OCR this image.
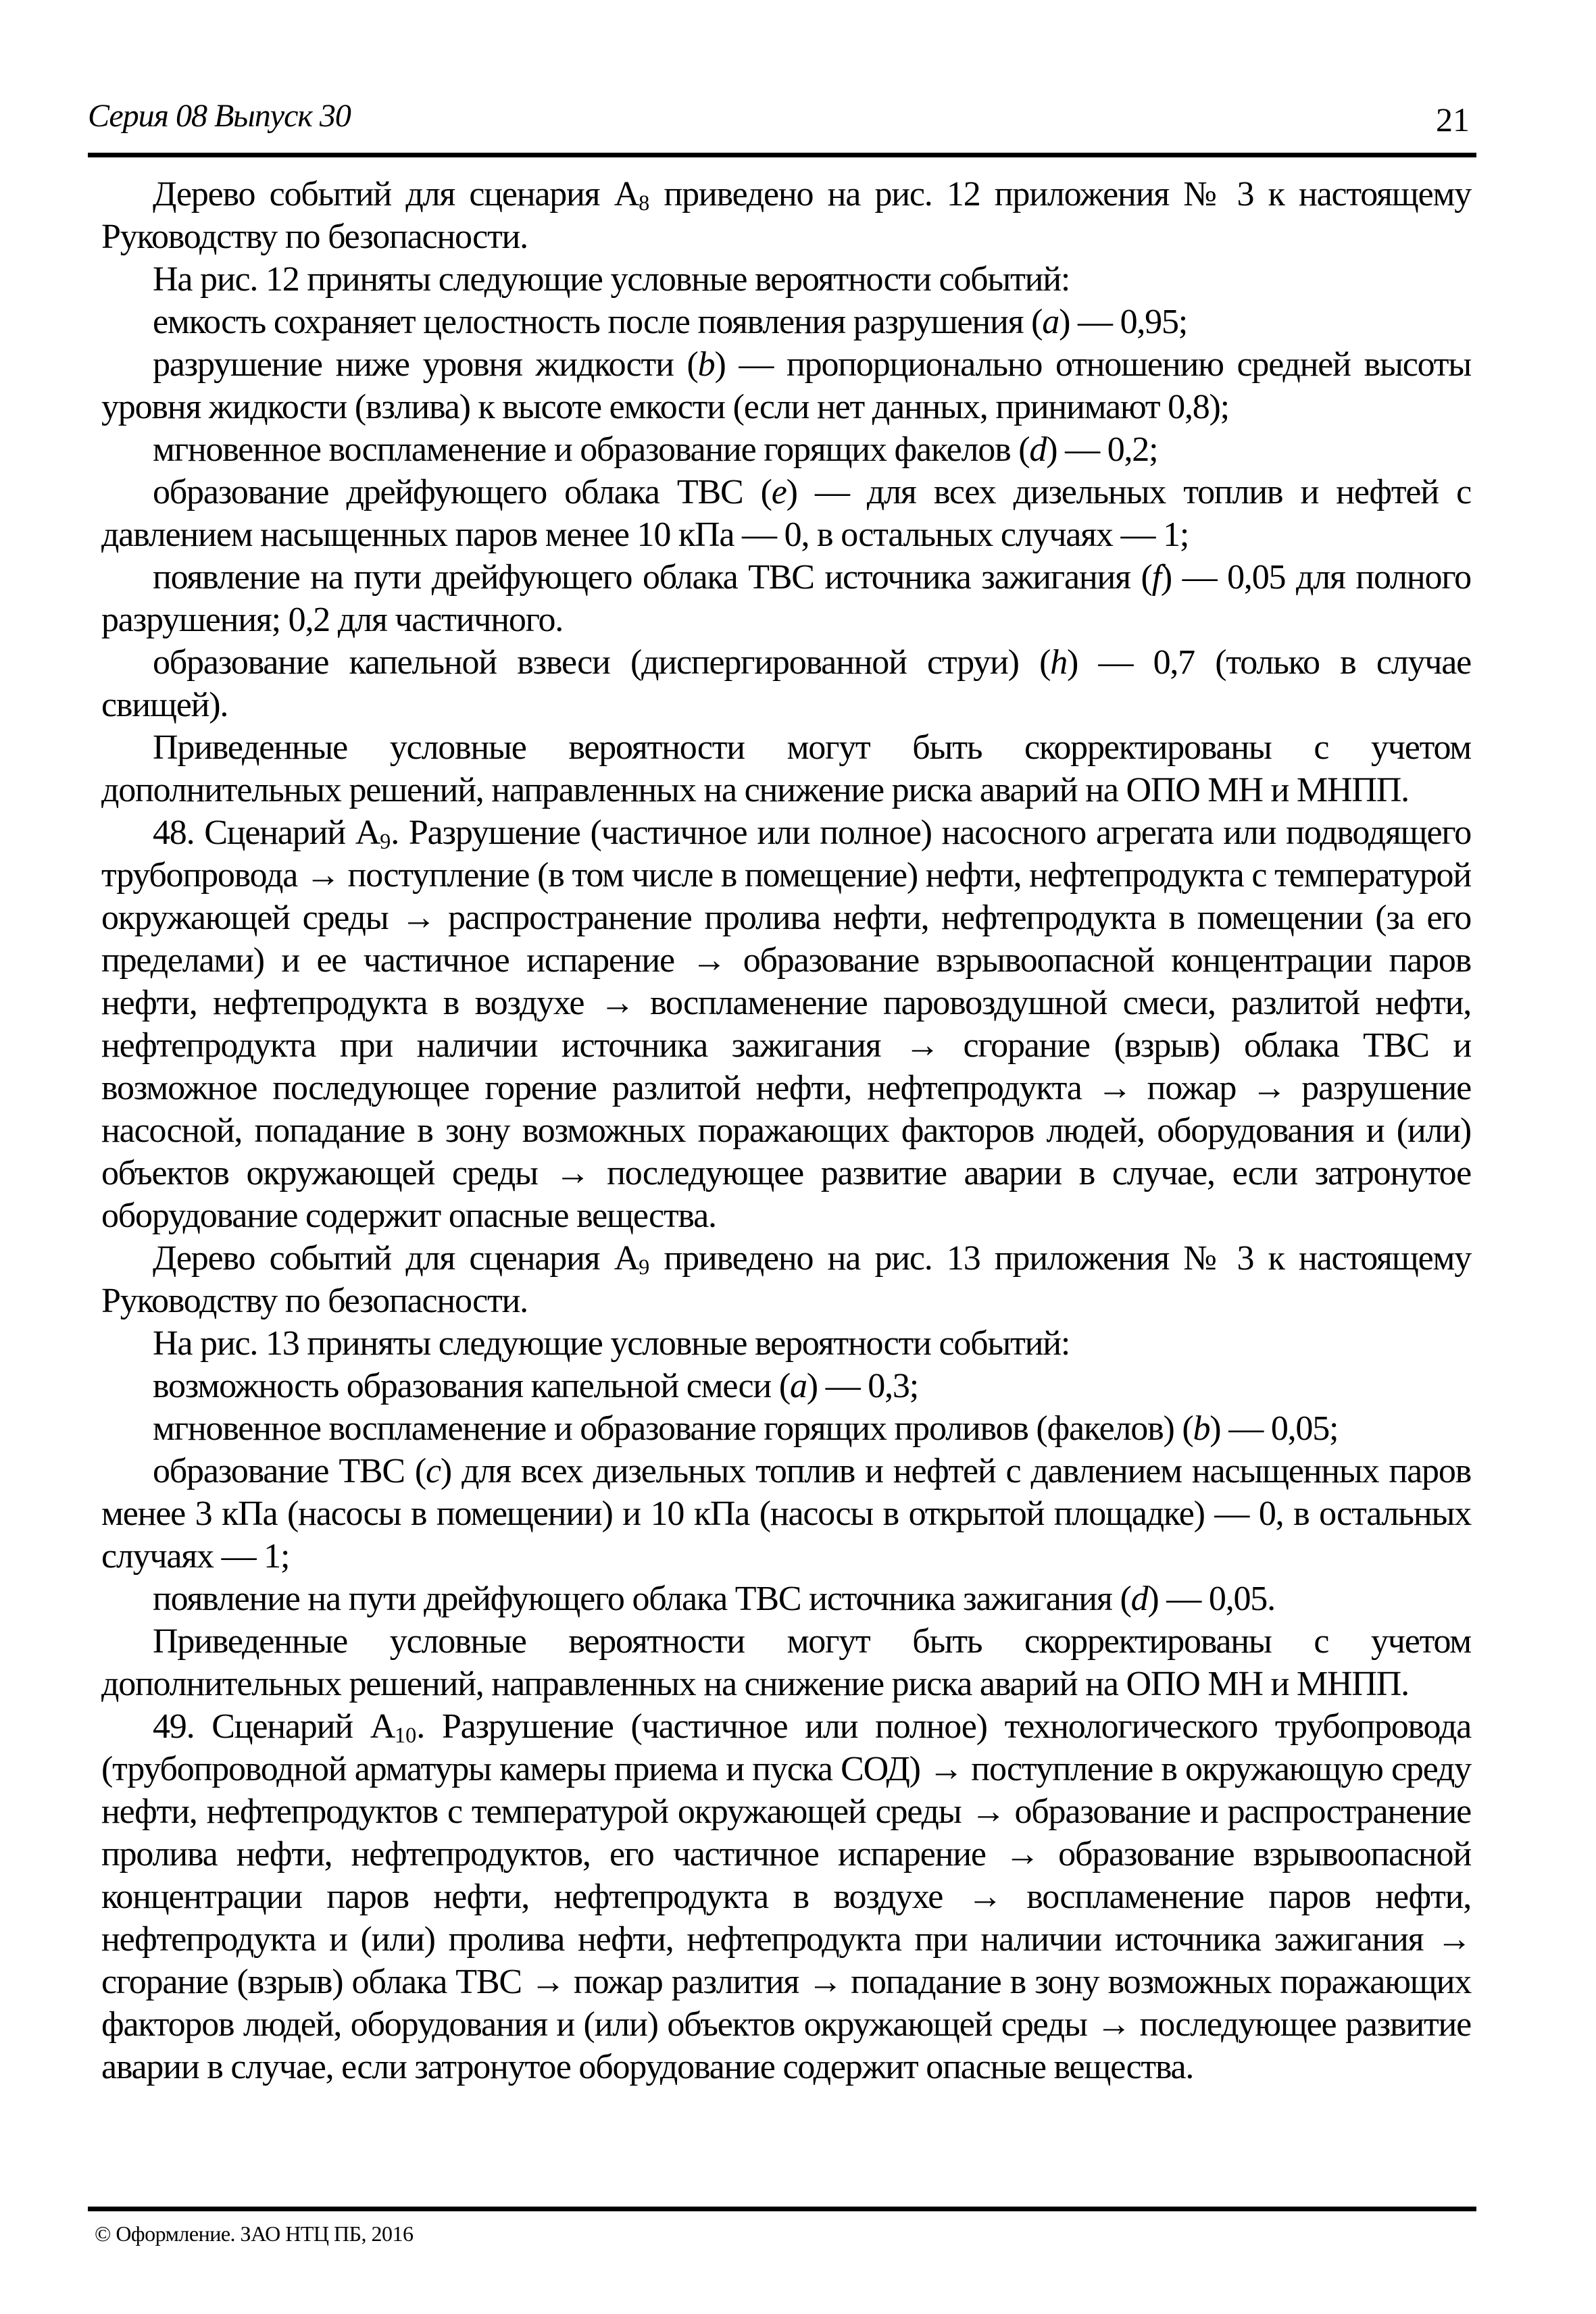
Серия 08 Выпуск 30	21

Дерево событий для сценария $А_8$ приведено на рис. 12 приложения № 3 к настоящему Руководству по безопасности.

На рис. 12 приняты следующие условные вероятности событий:

емкость сохраняет целостность после появления разрушения (a) — 0,95;

разрушение ниже уровня жидкости (b) — пропорционально отношению средней высоты уровня жидкости (взлива) к высоте емкости (если нет данных, принимают 0,8);

мгновенное воспламенение и образование горящих факелов (d) — 0,2;

образование дрейфующего облака ТВС (e) — для всех дизельных топлив и нефтей с давлением насыщенных паров менее 10 кПа — 0, в остальных случаях — 1;

появление на пути дрейфующего облака ТВС источника зажигания (f) — 0,05 для полного разрушения; 0,2 для частичного.

образование капельной взвеси (диспергированной струи) (h) — 0,7 (только в случае свищей).

Приведенные условные вероятности могут быть скорректированы с учетом дополнительных решений, направленных на снижение риска аварий на ОПО МН и МНПП.

48. Сценарий $А_9$. Разрушение (частичное или полное) насосного агрегата или подводящего трубопровода → поступление (в том числе в помещение) нефти, нефтепродукта с температурой окружающей среды → распространение пролива нефти, нефтепродукта в помещении (за его пределами) и ее частичное испарение → образование взрывоопасной концентрации паров нефти, нефтепродукта в воздухе → воспламенение паровоздушной смеси, разлитой нефти, нефтепродукта при наличии источника зажигания → сгорание (взрыв) облака ТВС и возможное последующее горение разлитой нефти, нефтепродукта → пожар → разрушение насосной, попадание в зону возможных поражающих факторов людей, оборудования и (или) объектов окружающей среды → последующее развитие аварии в случае, если затронутое оборудование содержит опасные вещества.

Дерево событий для сценария $А_9$ приведено на рис. 13 приложения № 3 к настоящему Руководству по безопасности.

На рис. 13 приняты следующие условные вероятности событий:

возможность образования капельной смеси (a) — 0,3;

мгновенное воспламенение и образование горящих проливов (факелов) (b) — 0,05;

образование ТВС (c) для всех дизельных топлив и нефтей с давлением насыщенных паров менее 3 кПа (насосы в помещении) и 10 кПа (насосы в открытой площадке) — 0, в остальных случаях — 1;

появление на пути дрейфующего облака ТВС источника зажигания (d) — 0,05.

Приведенные условные вероятности могут быть скорректированы с учетом дополнительных решений, направленных на снижение риска аварий на ОПО МН и МНПП.

49. Сценарий $А_{10}$. Разрушение (частичное или полное) технологического трубопровода (трубопроводной арматуры камеры приема и пуска СОД) → поступление в окружающую среду нефти, нефтепродуктов с температурой окружающей среды → образование и распространение пролива нефти, нефтепродуктов, его частичное испарение → образование взрывоопасной концентрации паров нефти, нефтепродукта в воздухе → воспламенение паров нефти, нефтепродукта и (или) пролива нефти, нефтепродукта при наличии источника зажигания → сгорание (взрыв) облака ТВС → пожар разлития → попадание в зону возможных поражающих факторов людей, оборудования и (или) объектов окружающей среды → последующее развитие аварии в случае, если затронутое оборудование содержит опасные вещества.

© Оформление. ЗАО НТЦ ПБ, 2016
